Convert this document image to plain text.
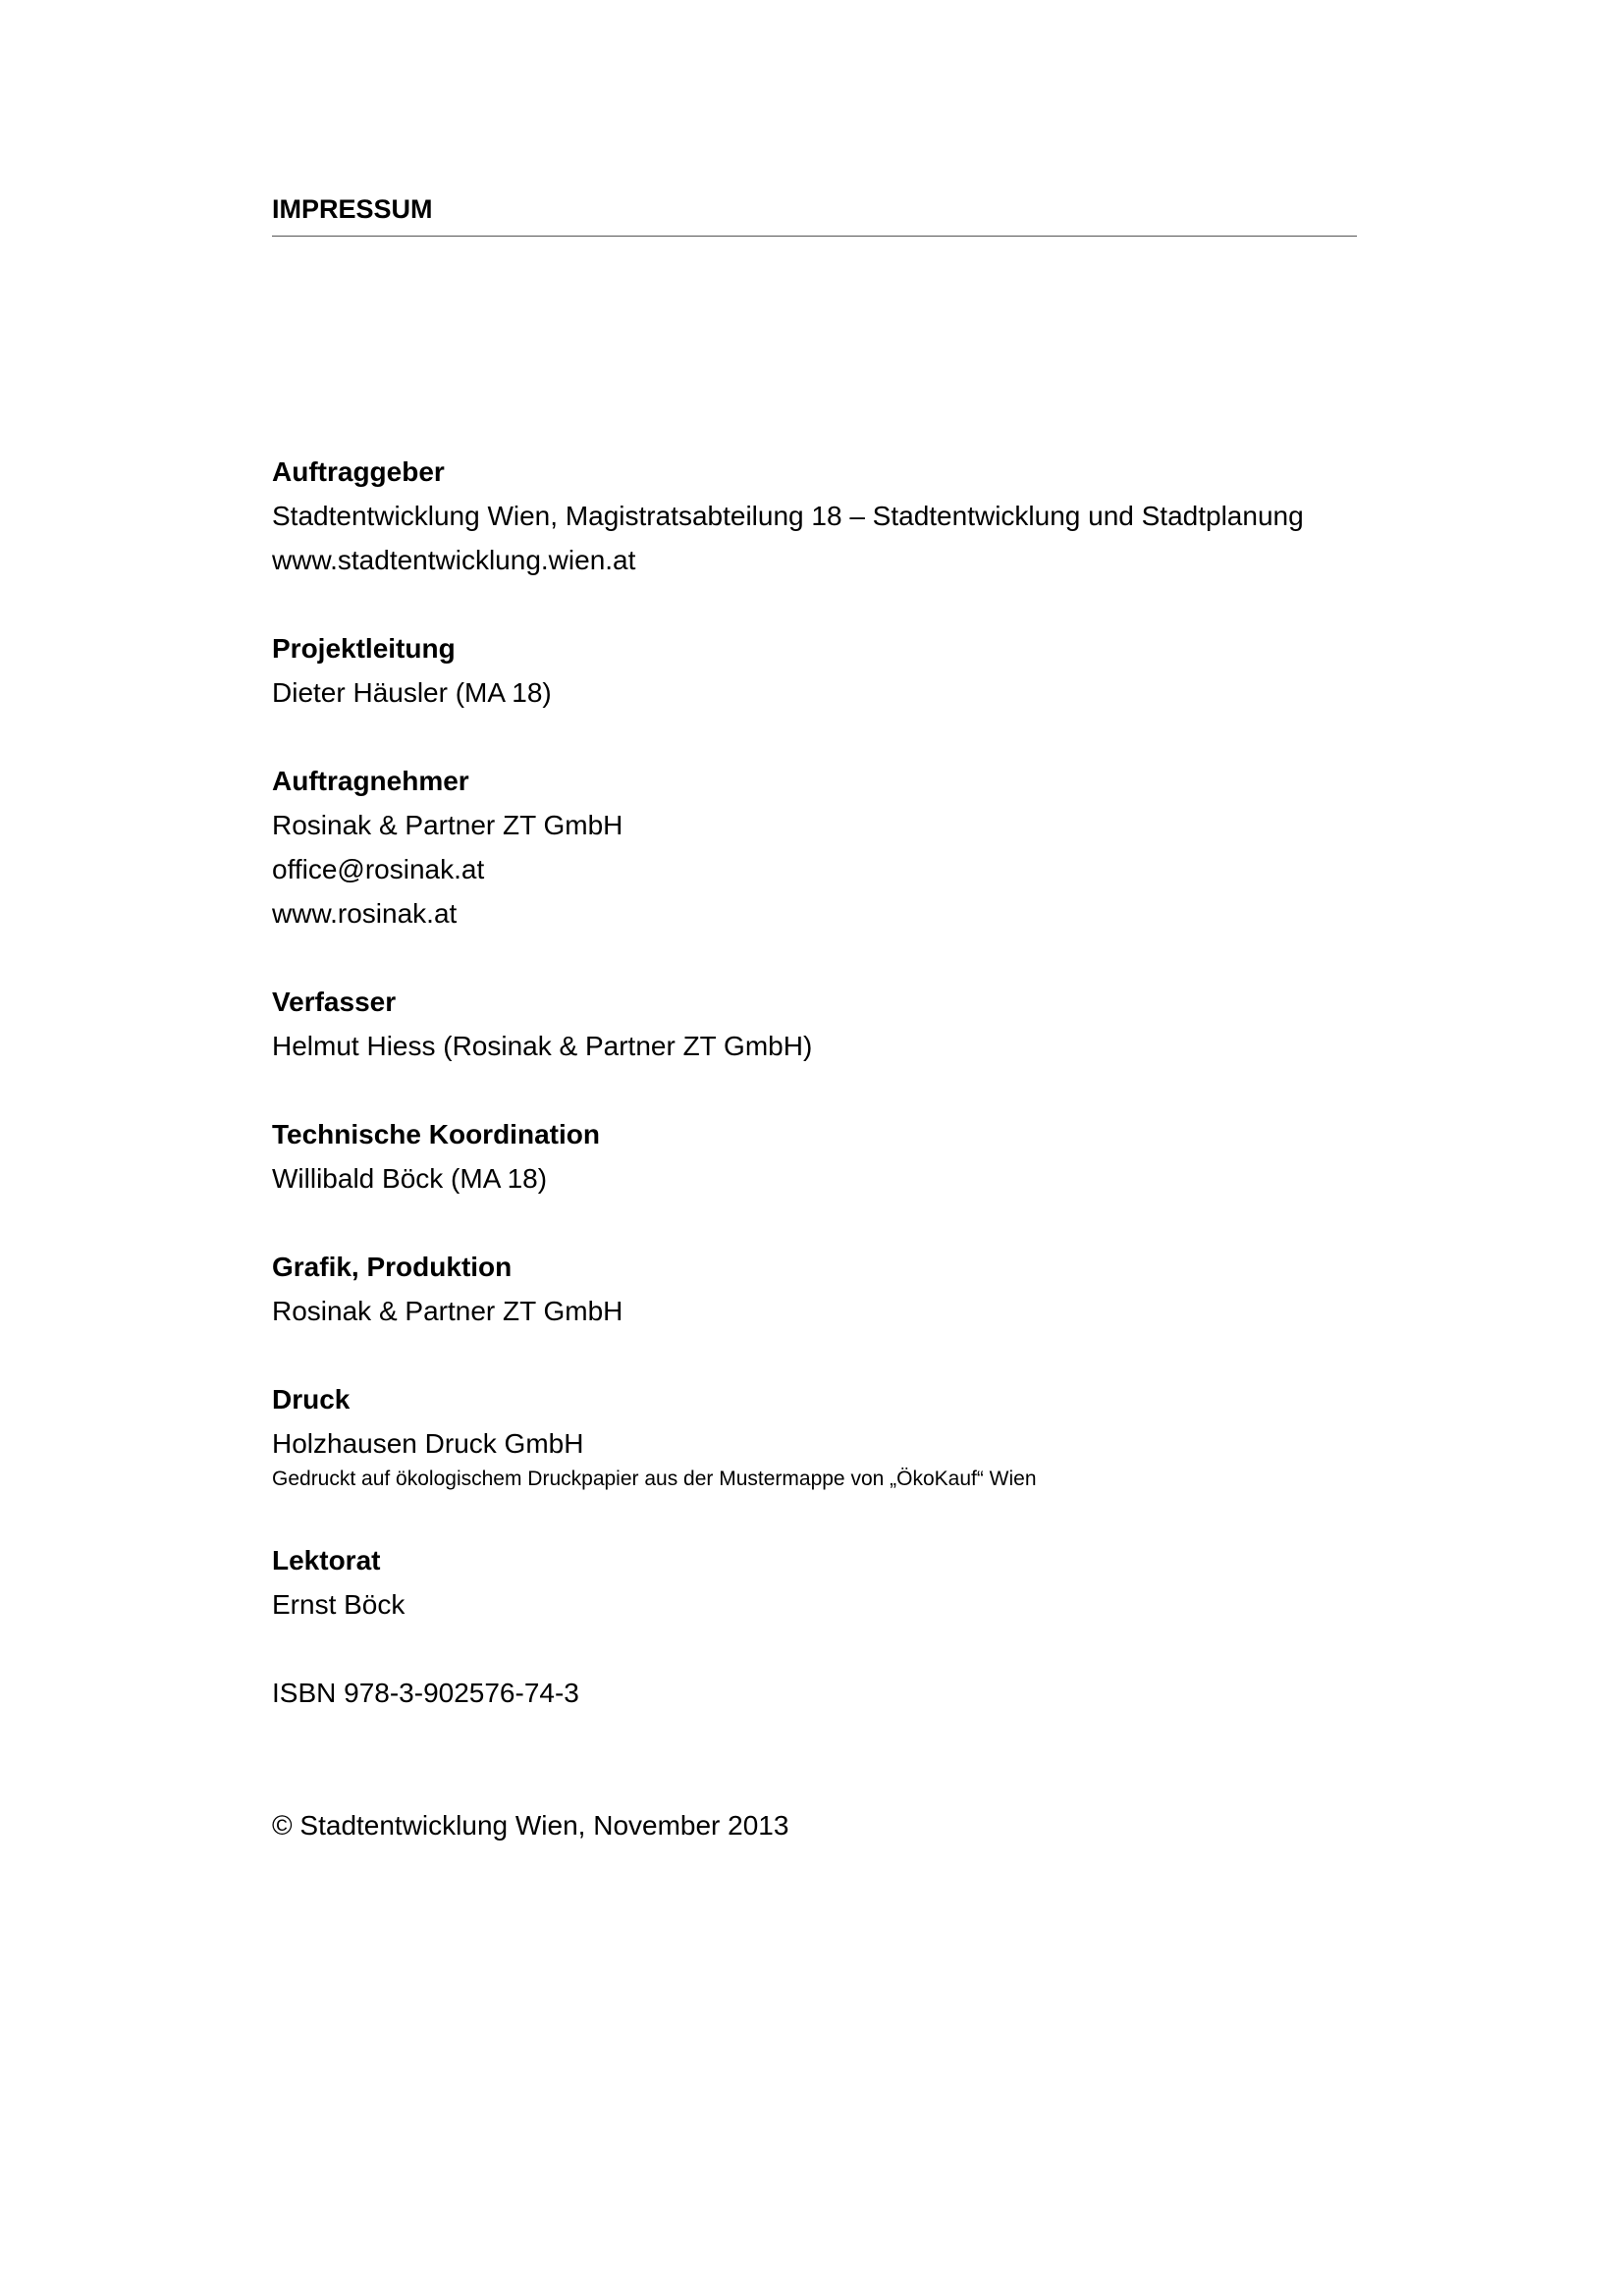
IMPRESSUM

Auftraggeber

Stadtentwicklung Wien, Magistratsabteilung 18 – Stadtentwicklung und Stadtplanung

www.stadtentwicklung.wien.at

Projektleitung

Dieter Häusler (MA 18)

Auftragnehmer

Rosinak & Partner ZT GmbH

office@rosinak.at

www.rosinak.at

Verfasser

Helmut Hiess (Rosinak & Partner ZT GmbH)

Technische Koordination

Willibald Böck (MA 18)

Grafik, Produktion

Rosinak & Partner ZT GmbH

Druck

Holzhausen Druck GmbH

Gedruckt auf ökologischem Druckpapier aus der Mustermappe von „ÖkoKauf“ Wien

Lektorat

Ernst Böck

ISBN 978-3-902576-74-3

© Stadtentwicklung Wien, November 2013
